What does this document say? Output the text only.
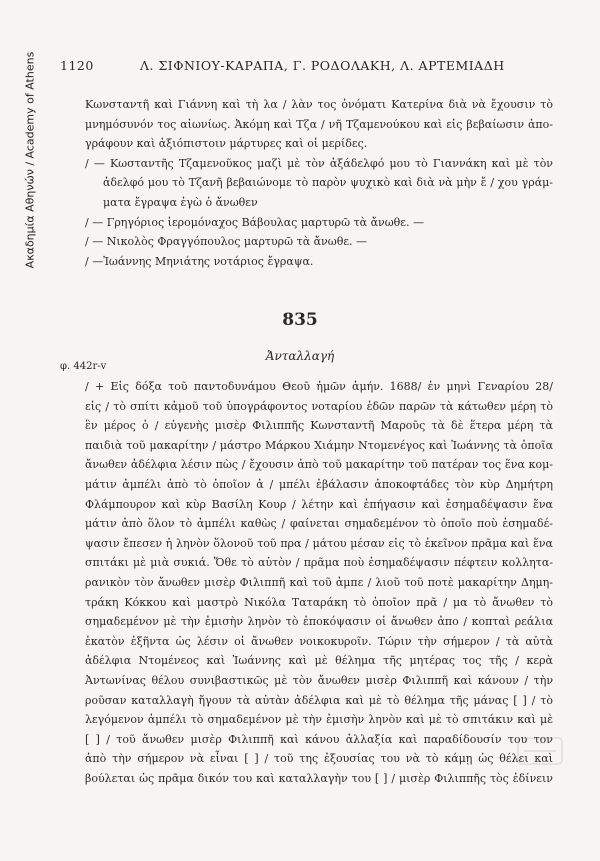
Ακαδημία Αθηνών / Academy of Athens 1120	Λ. ΣΙΦΝΙΟΥ-ΚΑΡΑΠΑ, Γ. ΡΟΔΟΛΑΚΗ, Λ. ΑΡΤΕΜΙΑΔΗ
Κωνσταντῆ καὶ Γιάννη καὶ τὴ λα / λὰν τος ὀνόματι Κατερίνα διὰ νὰ ἔχουσιν τὸ
μνημόσυνόν τος αἰωνίως. Ἀκόμη καὶ Τζα / νῆ Τζαμενούκου καὶ εἰς βεβαίωσιν ἀπο-
γράφουν καὶ ἀξιόπιστοιν μάρτυρες καὶ οἱ μερίδες.
/ — Κωσταντῆς Τζαμενοῦκος μαζὶ μὲ τὸν ἀξάδελφό μου τὸ Γιαννάκη καὶ μὲ τὸν
ἀδελφό μου τὸ Τζανῆ βεβαιώνομε τὸ παρὸν ψυχικὸ καὶ διὰ νὰ μὴν ἔ / χου γράμ-
ματα ἔγραψα ἐγὼ ὁ ἄνωθεν
/ — Γρηγόριος ἱερομόναχος Βάβουλας μαρτυρῶ τὰ ἄνωθε. —
/ — Νικολὸς Φραγγόπουλος μαρτυρῶ τὰ ἄνωθε. —
/ —Ἰωάννης Μηνιάτης νοτάριος ἔγραψα.
835
Ἀνταλλαγή
φ. 442r-v
/ + Εἰς δόξα τοῦ παντοδυνάμου Θεοῦ ἡμῶν ἀμήν. 1688/ ἐν μηνὶ Γεναρίου 28/
εἰς / τὸ σπίτι κἀμοῦ τοῦ ὑπογράφοντος νοταρίου ἐδῶν παρῶν τὰ κάτωθεν μέρη τὸ
ἓν μέρος ὁ / εὐγενὴς μισὲρ Φιλιππῆς Κωνσταντῆ Μαροῦς τὰ δὲ ἕτερα μέρη τὰ
παιδιὰ τοῦ μακαρίτην / μάστρο Μάρκου Χιάμην Ντομενέγος καὶ Ἰωάννης τὰ ὁποῖα
ἄνωθεν ἀδέλφια λέσιν πὼς / ἔχουσιν ἀπὸ τοῦ μακαρίτην τοῦ πατέραν τος ἕνα κομ-
μάτιν ἀμπέλι ἀπὸ τὸ ὁποῖον ἀ / μπέλι ἐβάλασιν ἀποκοφτάδες τὸν κὺρ Δημήτρη
Φλάμπουρον καὶ κὺρ Βασίλη Κουρ / λέτην καὶ ἐπήγασιν καὶ ἐσημαδέψασιν ἕνα
μάτιν ἀπὸ ὅλον τὸ ἀμπέλι καθὼς / φαίνεται σημαδεμένον τὸ ὁποῖο ποὺ ἐσημαδέ-
ψασιν ἔπεσεν ἡ ληνὸν ὅλονοῦ τοῦ πρα / μάτου μέσαν εἰς τὸ ἐκεῖνον πρᾶμα καὶ ἕνα
σπιτάκι μὲ μιὰ συκιά. Ὅθε τὸ αὐτὸν / πρᾶμα ποὺ ἐσημαδέψασιν πέφτειν κολλητα-
ρανικὸν τὸν ἄνωθεν μισὲρ Φιλιππῆ καὶ τοῦ ἀμπε / λιοῦ τοῦ ποτὲ μακαρίτην Δημη-
τράκη Κόκκου καὶ μαστρὸ Νικόλα Ταταράκη τὸ ὁποῖον πρᾶ / μα τὸ ἄνωθεν τὸ
σημαδεμένον μὲ τὴν ἐμισὴν ληνὸν τὸ ἐποκόψασιν οἱ ἄνωθεν ἀπο / κοπταὶ ρεάλια
ἑκατὸν ἐξῆντα ὡς λέσιν οἱ ἄνωθεν νοικοκυροῖν. Τώριν τὴν σήμερον / τὰ αὐτὰ
ἀδέλφια Ντομένεος καὶ Ἰωάννης καὶ μὲ θέλημα τῆς μητέρας τος τῆς / κερὰ
Ἀντωνίνας θέλου συνιβαστικῶς μὲ τὸν ἄνωθεν μισὲρ Φιλιππῆ καὶ κάνουν / τὴν
ροῦσαν καταλλαγὴ ἤγουν τὰ αὐτὰν ἀδέλφια καὶ μὲ τὸ θέλημα τῆς μάνας [ ] / τὸ
λεγόμενον ἀμπέλι τὸ σημαδεμένον μὲ τὴν ἐμισὴν ληνὸν καὶ μὲ τὸ σπιτάκιν καὶ μὲ
[ ] / τοῦ ἄνωθεν μισὲρ Φιλιππῆ καὶ κάνου ἀλλαξία καὶ παραδίδουσίν του τον
ἀπὸ τὴν σήμερον νὰ εἶναι [ ] / τοῦ της ἐξουσίας του νὰ τὸ κάμῃ ὡς θέλει καὶ
βούλεται ὡς πρᾶμα δικόν του καὶ καταλλαγὴν του [ ] / μισὲρ Φιλιππῆς τὸς ἐδίνειν
